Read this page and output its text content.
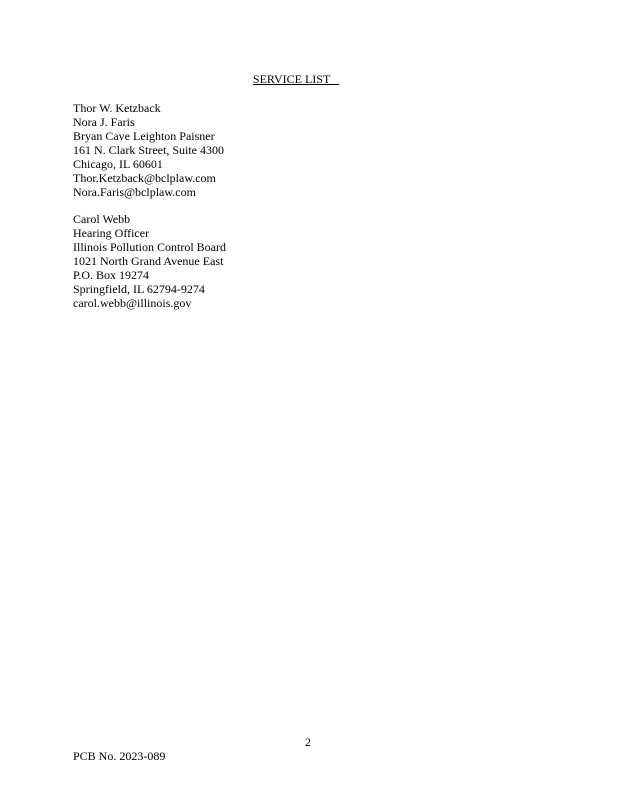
SERVICE LIST
Thor W. Ketzback
Nora J. Faris
Bryan Cave Leighton Paisner
161 N. Clark Street, Suite 4300
Chicago, IL 60601
Thor.Ketzback@bclplaw.com
Nora.Faris@bclplaw.com
Carol Webb
Hearing Officer
Illinois Pollution Control Board
1021 North Grand Avenue East
P.O. Box 19274
Springfield, IL 62794-9274
carol.webb@illinois.gov
2
PCB No. 2023-089
